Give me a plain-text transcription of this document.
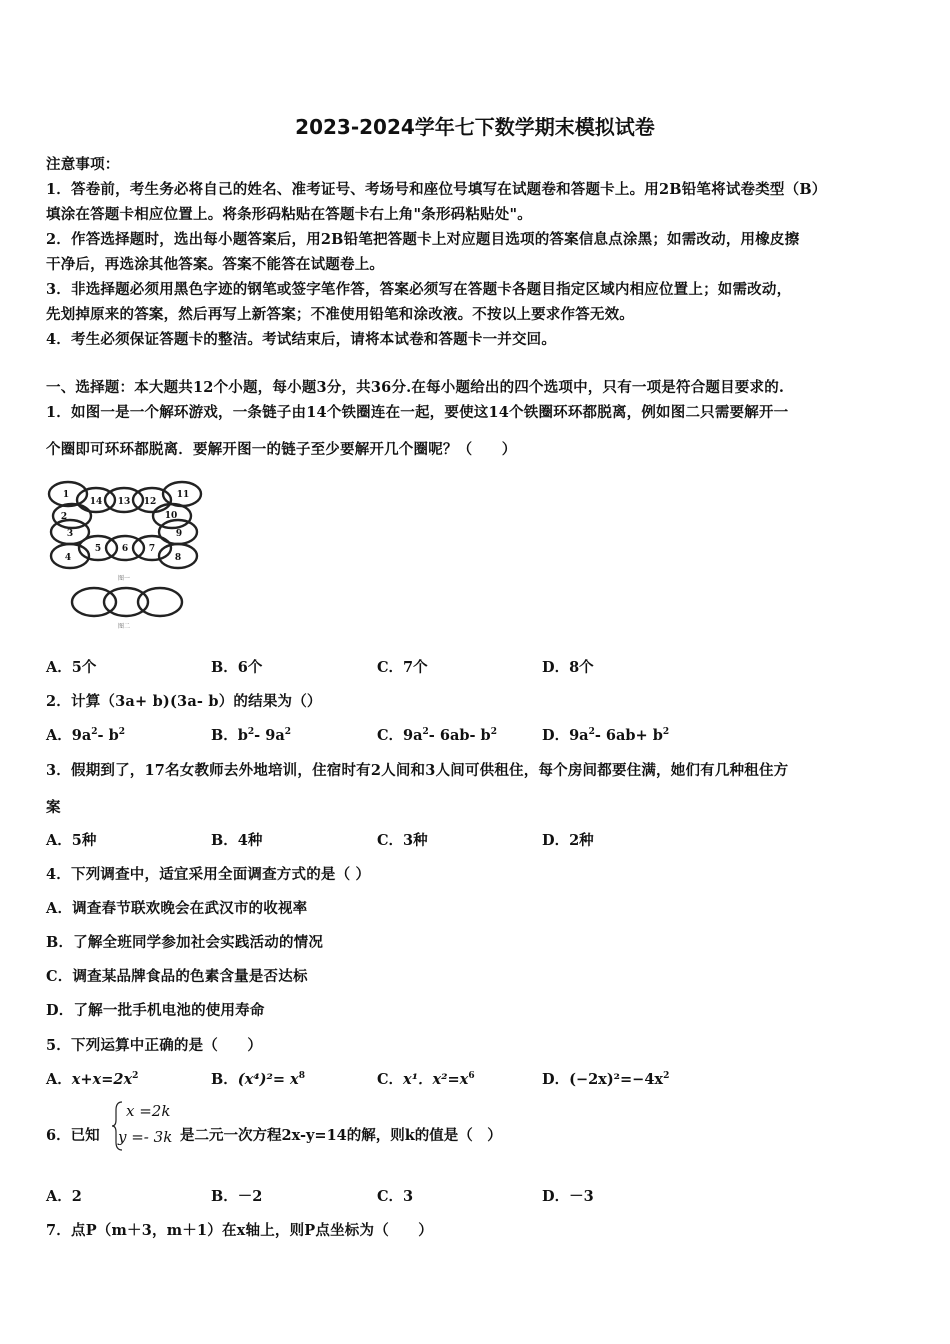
2023-2024学年七下数学期末模拟试卷
注意事项：
1．答卷前，考生务必将自己的姓名、准考证号、考场号和座位号填写在试题卷和答题卡上。用2B铅笔将试卷类型（B）
填涂在答题卡相应位置上。将条形码粘贴在答题卡右上角"条形码粘贴处"。
2．作答选择题时，选出每小题答案后，用2B铅笔把答题卡上对应题目选项的答案信息点涂黑；如需改动，用橡皮擦
干净后，再选涂其他答案。答案不能答在试题卷上。
3．非选择题必须用黑色字迹的钢笔或签字笔作答，答案必须写在答题卡各题目指定区域内相应位置上；如需改动，
先划掉原来的答案，然后再写上新答案；不准使用铅笔和涂改液。不按以上要求作答无效。
4．考生必须保证答题卡的整洁。考试结束后，请将本试卷和答题卡一并交回。
一、选择题：本大题共12个小题，每小题3分，共36分.在每小题给出的四个选项中，只有一项是符合题目要求的.
1．如图一是一个解环游戏，一条链子由14个铁圈连在一起，要使这14个铁圈环环都脱离，例如图二只需要解开一
个圈即可环环都脱离．要解开图一的链子至少要解开几个圈呢？（　　）
1
14 13 12
11
2	10
3	9
4
5 6 7
8
图一
图二
A．5个	B．6个	C．7个	D．8个
2．计算（3a+ b)(3a- b）的结果为（）
A．$9a^2-$ $b^2$	B．$b^2-$ $9a^2$	C．$9a^2-$ 6ab- $b^2$	D．$9a^2-$ $6ab+ b^2$
3．假期到了，17名女教师去外地培训，住宿时有2人间和3人间可供租住，每个房间都要住满，她们有几种租住方
案
A．5种	B．4种	C．3种	D．2种
4．下列调查中，适宜采用全面调查方式的是（ ）
A．调查春节联欢晚会在武汉市的收视率
B．了解全班同学参加社会实践活动的情况
C．调查某品牌食品的色素含量是否达标
D．了解一批手机电池的使用寿命
5．下列运算中正确的是（　　）
A．$x+x=2x^2$	B．$(x^4)^2= x^8$	C．x¹．$x^2=x^6$	D．$(-2x)^2=-4x^2$
6．已知
x =2k
y =- 3k 是二元一次方程2x-y=14的解，则k的值是（　）
A．2	B．－2	C．3	D．－3
7．点P（m＋3，m＋1）在x轴上，则P点坐标为（　　）
